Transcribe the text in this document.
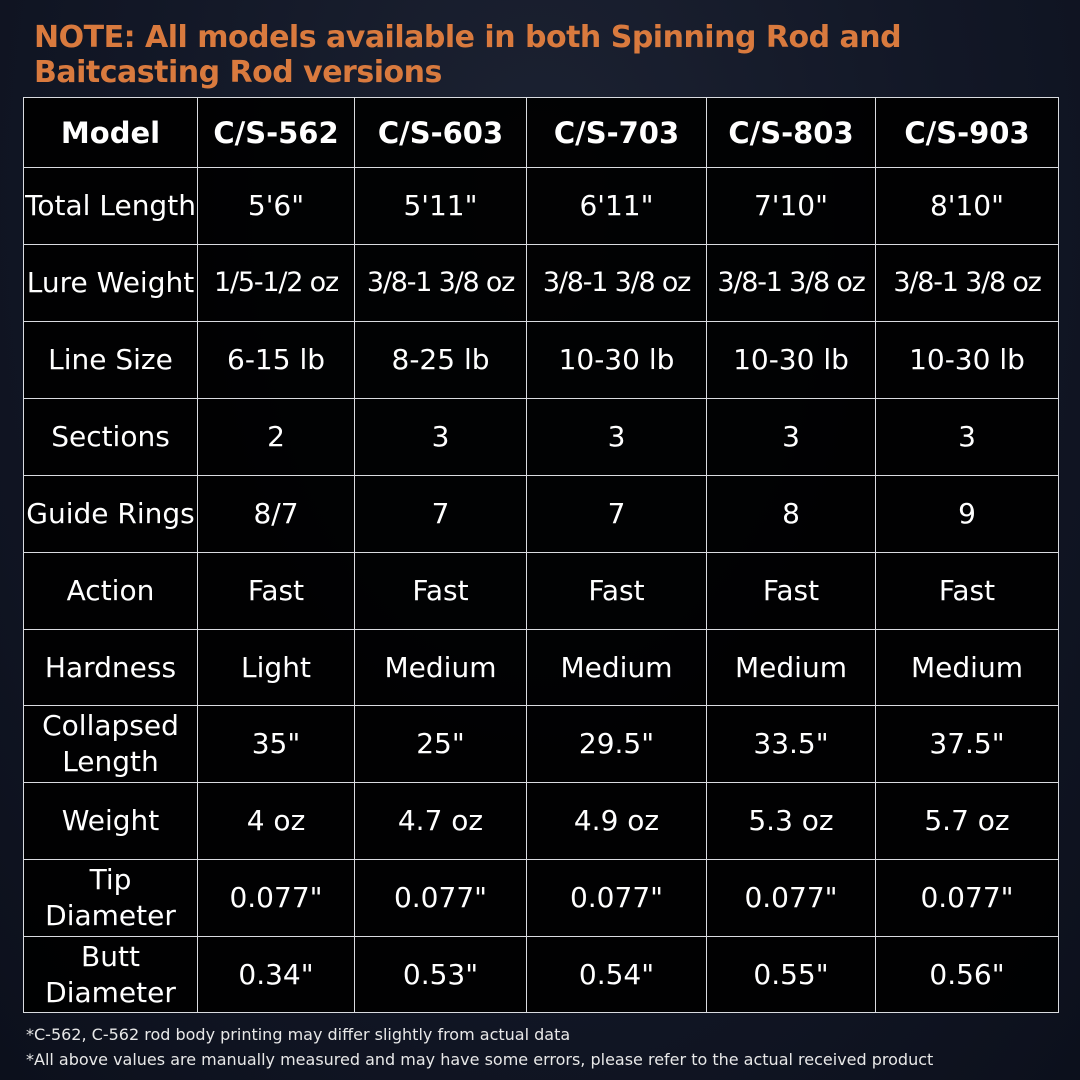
NOTE: All models available in both Spinning Rod and Baitcasting Rod versions
Model	C/S-562	C/S-603	C/S-703	C/S-803	C/S-903
Total Length	5'6"	5'11"	6'11"	7'10"	8'10"
Lure Weight	1/5-1/2 oz	3/8-1 3/8 oz	3/8-1 3/8 oz	3/8-1 3/8 oz	3/8-1 3/8 oz
Line Size	6-15 lb	8-25 lb	10-30 lb	10-30 lb	10-30 lb
Sections	2	3	3	3	3
Guide Rings	8/7	7	7	8	9
Action	Fast	Fast	Fast	Fast	Fast
Hardness	Light	Medium	Medium	Medium	Medium
Collapsed Length	35"	25"	29.5"	33.5"	37.5"
Weight	4 oz	4.7 oz	4.9 oz	5.3 oz	5.7 oz
Tip Diameter	0.077"	0.077"	0.077"	0.077"	0.077"
Butt Diameter	0.34"	0.53"	0.54"	0.55"	0.56"
*C-562, C-562 rod body printing may differ slightly from actual data
*All above values are manually measured and may have some errors, please refer to the actual received product
